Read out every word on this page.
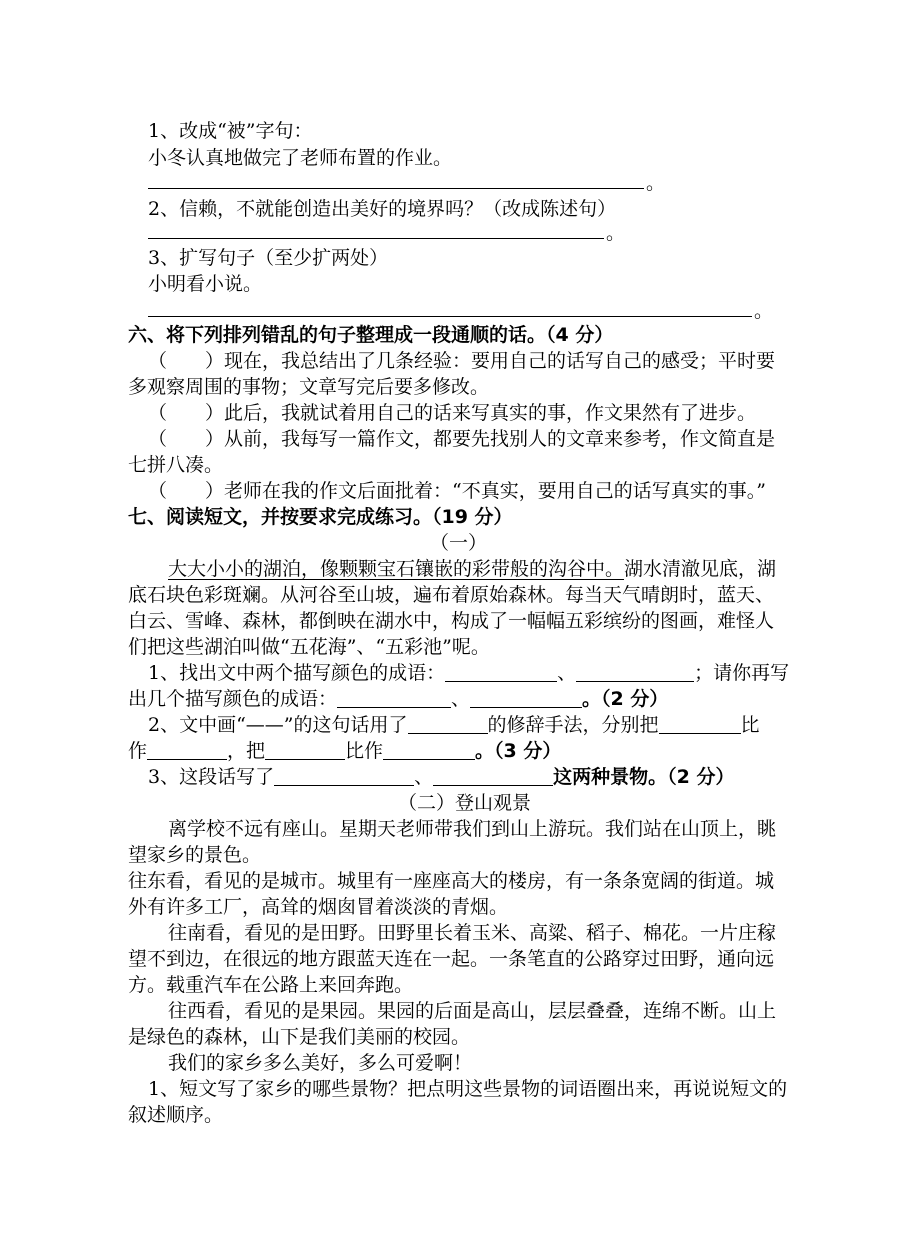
1、改成“被”字句：
小冬认真地做完了老师布置的作业。
。
2、信赖，不就能创造出美好的境界吗？（改成陈述句）
。
3、扩写句子（至少扩两处）
小明看小说。
。
六、将下列排列错乱的句子整理成一段通顺的话。（4 分）
（　　）现在，我总结出了几条经验：要用自己的话写自己的感受；平时要
多观察周围的事物；文章写完后要多修改。
（　　）此后，我就试着用自己的话来写真实的事，作文果然有了进步。
（　　）从前，我每写一篇作文，都要先找别人的文章来参考，作文简直是
七拼八凑。
（　　）老师在我的作文后面批着：“不真实，要用自己的话写真实的事。”
七、阅读短文，并按要求完成练习。（19 分）
（一）
大大小小的湖泊，像颗颗宝石镶嵌的彩带般的沟谷中。湖水清澈见底，湖
底石块色彩斑斓。从河谷至山坡，遍布着原始森林。每当天气晴朗时，蓝天、
白云、雪峰、森林，都倒映在湖水中，构成了一幅幅五彩缤纷的图画，难怪人
们把这些湖泊叫做“五花海”、“五彩池”呢。
1、找出文中两个描写颜色的成语：	、	；请你再写
出几个描写颜色的成语：	、	。（2 分）
2、文中画“——”的这句话用了	的修辞手法，分别把	比
作	，把	比作	。（3 分）
3、这段话写了	、	这两种景物。（2 分）
（二）登山观景
离学校不远有座山。星期天老师带我们到山上游玩。我们站在山顶上，眺
望家乡的景色。
往东看，看见的是城市。城里有一座座高大的楼房，有一条条宽阔的街道。城
外有许多工厂，高耸的烟囱冒着淡淡的青烟。
往南看，看见的是田野。田野里长着玉米、高粱、稻子、棉花。一片庄稼
望不到边，在很远的地方跟蓝天连在一起。一条笔直的公路穿过田野，通向远
方。载重汽车在公路上来回奔跑。
往西看，看见的是果园。果园的后面是高山，层层叠叠，连绵不断。山上
是绿色的森林，山下是我们美丽的校园。
我们的家乡多么美好，多么可爱啊！
1、短文写了家乡的哪些景物？把点明这些景物的词语圈出来，再说说短文的
叙述顺序。
